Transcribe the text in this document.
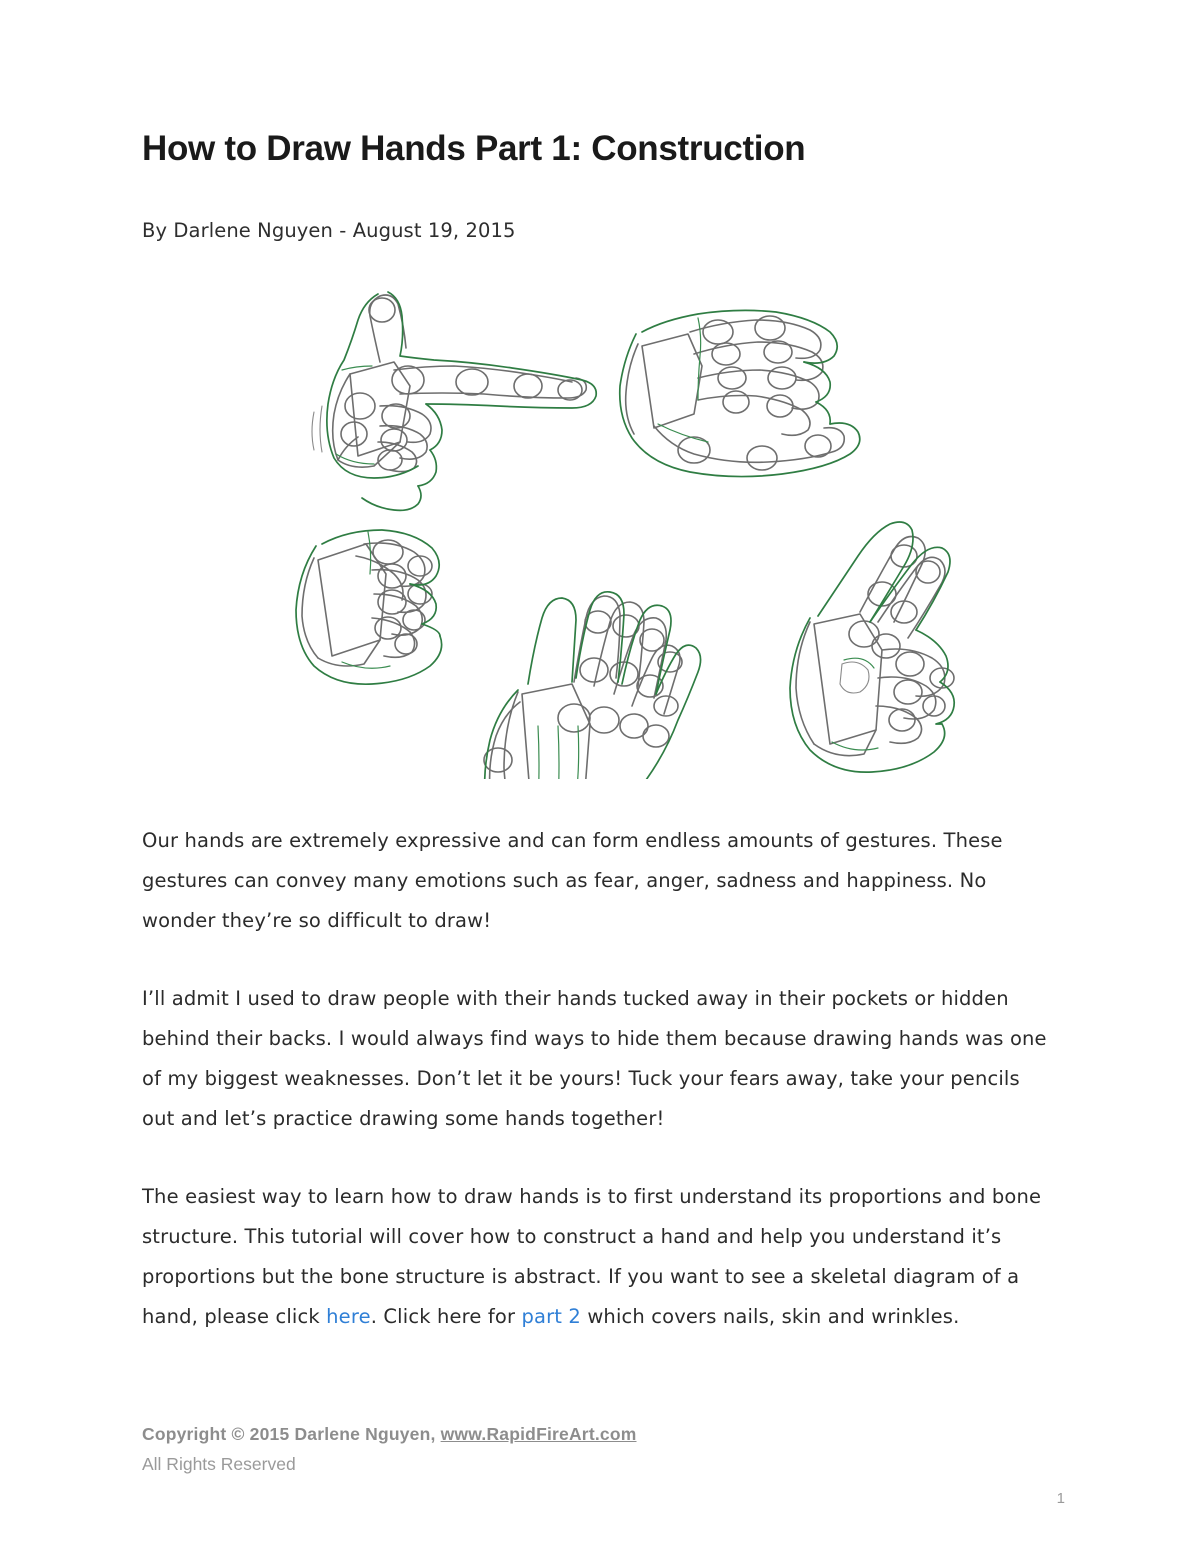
How to Draw Hands Part 1: Construction
By Darlene Nguyen - August 19, 2015

Our hands are extremely expressive and can form endless amounts of gestures. These gestures can convey many emotions such as fear, anger, sadness and happiness. No wonder they’re so difficult to draw!

I’ll admit I used to draw people with their hands tucked away in their pockets or hidden behind their backs. I would always find ways to hide them because drawing hands was one of my biggest weaknesses. Don’t let it be yours! Tuck your fears away, take your pencils out and let’s practice drawing some hands together!

The easiest way to learn how to draw hands is to first understand its proportions and bone structure. This tutorial will cover how to construct a hand and help you understand it’s proportions but the bone structure is abstract. If you want to see a skeletal diagram of a hand, please click here. Click here for part 2 which covers nails, skin and wrinkles.

Copyright © 2015 Darlene Nguyen, www.RapidFireArt.com
All Rights Reserved
1
